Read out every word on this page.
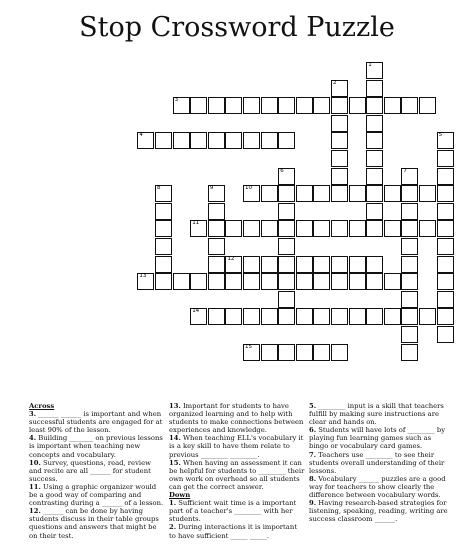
Stop Crossword Puzzle
1
2
3
4	5
6	7
8	9	10
11
12
13
14
15
Across
3. ______ ______ is important and when successful students are engaged for at least 90% of the lesson.
4. Building _______ on previous lessons is important when teaching new concepts and vocabulary.
10. Survey, questions, read, review and recite are all ______ for student success.
11. Using a graphic organizer would be a good way of comparing and contrasting during a ______ of a lesson.
12. ______ can be done by having students discuss in their table groups questions and answers that might be on their test.
13. Important for students to have organized learning and to help with students to make connections between experiences and knowledge.
14. When teaching ELL's vocabulary it is a key skill to have them relate to previous ________ ________.
15. When having an assessment it can be helpful for students to ________ their own work on overhead so all students can get the correct answer.
Down
1. Sufficient wait time is a important part of a teacher's ________ with her students.
2. During interactions it is important to have sufficient _____ _____.
5. ________ input is a skill that teachers fulfill by making sure instructions are clear and hands on.
6. Students will have lots of ________ by playing fun learning games such as bingo or vocabulary card games.
7. Teachers use ________ to see their students overall understanding of their lessons.
8. Vocabulary ______ puzzles are a good way for teachers to show clearly the difference between vocabulary words.
9. Having research-based strategies for listening, speaking, reading, writing are success classroom ______.
